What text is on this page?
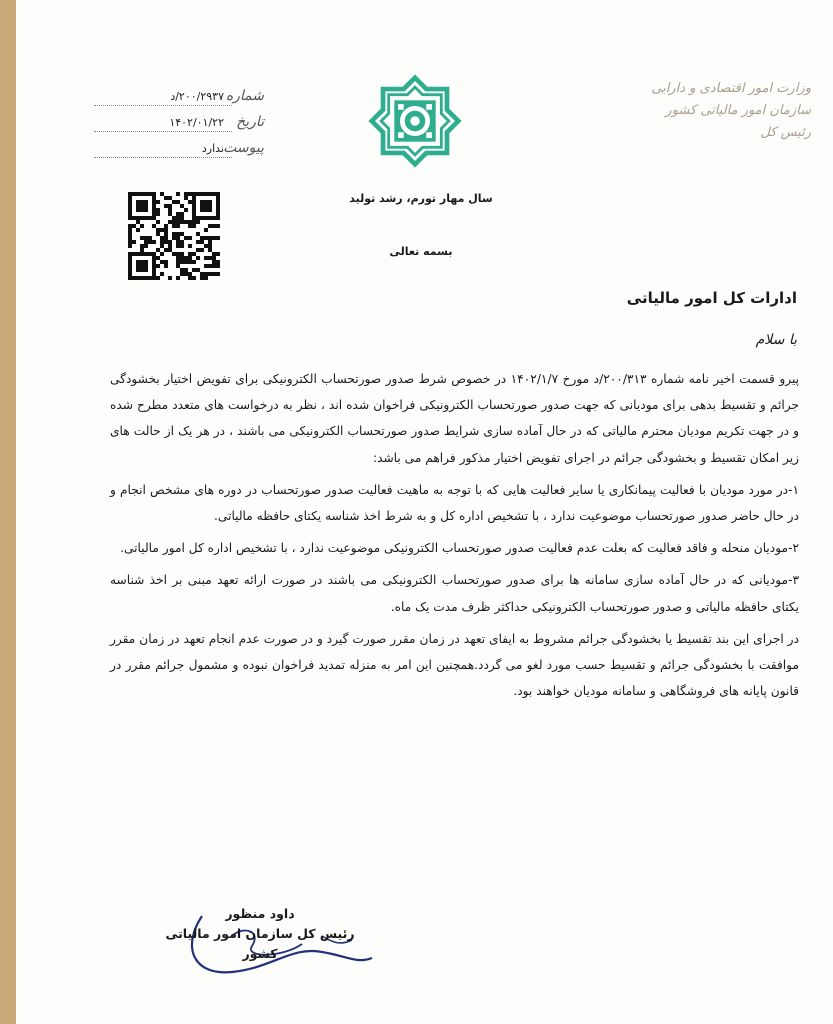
شماره
۲۰۰/۲۹۳۷/د
تاریخ
۱۴۰۲/۰۱/۲۲
پیوست
ندارد
سال مهار تورم، رشد تولید
بسمه تعالی
وزارت امور اقتصادی و دارایی
سازمان امور مالیاتی کشور
رئیس کل
ادارات کل امور مالیاتی
با سلام

پیرو قسمت اخیر نامه شماره ۲۰۰/۳۱۳/د مورخ ۱۴۰۲/۱/۷ در خصوص شرط صدور صورتحساب الکترونیکی برای تفویض اختیار بخشودگی جرائم و تقسیط بدهی برای مودیانی که جهت صدور صورتحساب الکترونیکی فراخوان شده اند ، نظر به درخواست های متعدد مطرح شده و در جهت تکریم مودیان محترم مالیاتی که در حال آماده سازی شرایط صدور صورتحساب الکترونیکی می باشند ، در هر یک از حالت های زیر امکان تقسیط و بخشودگی جرائم در اجرای تفویض اختیار مذکور فراهم می باشد:

۱-در مورد مودیان با فعالیت پیمانکاری یا سایر فعالیت هایی که با توجه به ماهیت فعالیت صدور صورتحساب در دوره های مشخص انجام و در حال حاضر صدور صورتحساب موضوعیت ندارد ، با تشخیص اداره کل و به شرط اخذ شناسه یکتای حافظه مالیاتی.

۲-مودیان منحله و فاقد فعالیت که بعلت عدم فعالیت صدور صورتحساب الکترونیکی موضوعیت ندارد ، با تشخیص اداره کل امور مالیاتی.

۳-مودیانی که در حال آماده سازی سامانه ها برای صدور صورتحساب الکترونیکی می باشند در صورت ارائه تعهد مبنی بر اخذ شناسه یکتای حافظه مالیاتی و صدور صورتحساب الکترونیکی حداکثر ظرف مدت یک ماه.

در اجرای این بند تقسیط یا بخشودگی جرائم مشروط به ایفای تعهد در زمان مقرر صورت گیرد و در صورت عدم انجام تعهد در زمان مقرر موافقت با بخشودگی جرائم و تقسیط حسب مورد لغو می گردد.همچنین این امر به منزله تمدید فراخوان نبوده و مشمول جرائم مقرر در قانون پایانه های فروشگاهی و سامانه مودیان خواهند بود.

داود منظور
رئیس کل سازمان امور مالیاتی کشور
